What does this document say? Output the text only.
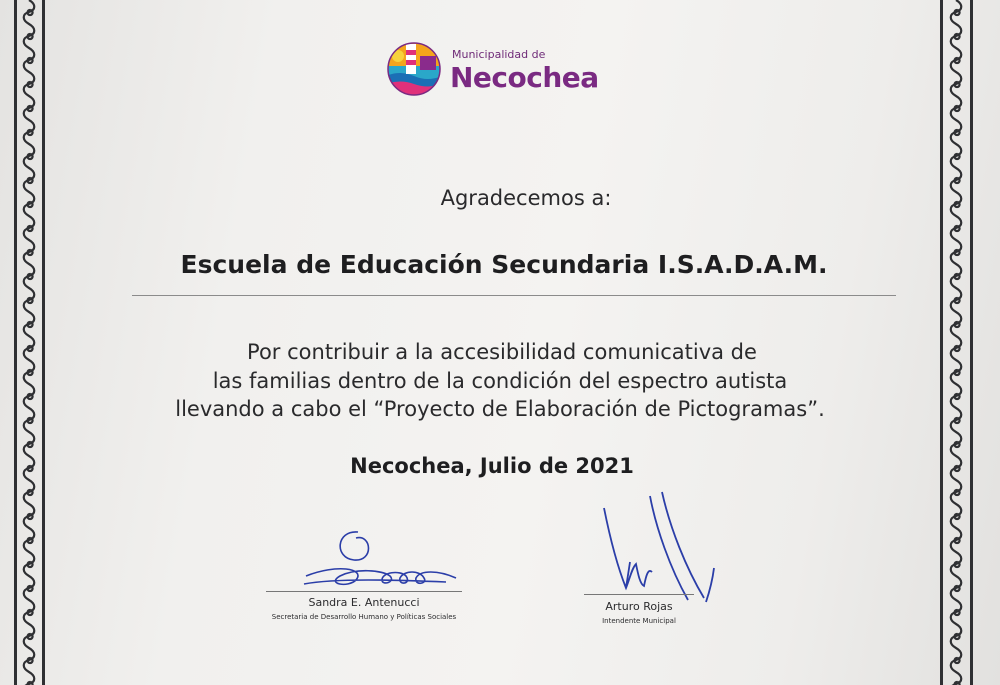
Municipalidad de
Necochea
Agradecemos a:
Escuela de Educación Secundaria I.S.A.D.A.M.
Por contribuir a la accesibilidad comunicativa de
las familias dentro de la condición del espectro autista
llevando a cabo el “Proyecto de Elaboración de Pictogramas”.
Necochea, Julio de 2021
Sandra E. Antenucci
Secretaria de Desarrollo Humano y Políticas Sociales
Arturo Rojas
Intendente Municipal
